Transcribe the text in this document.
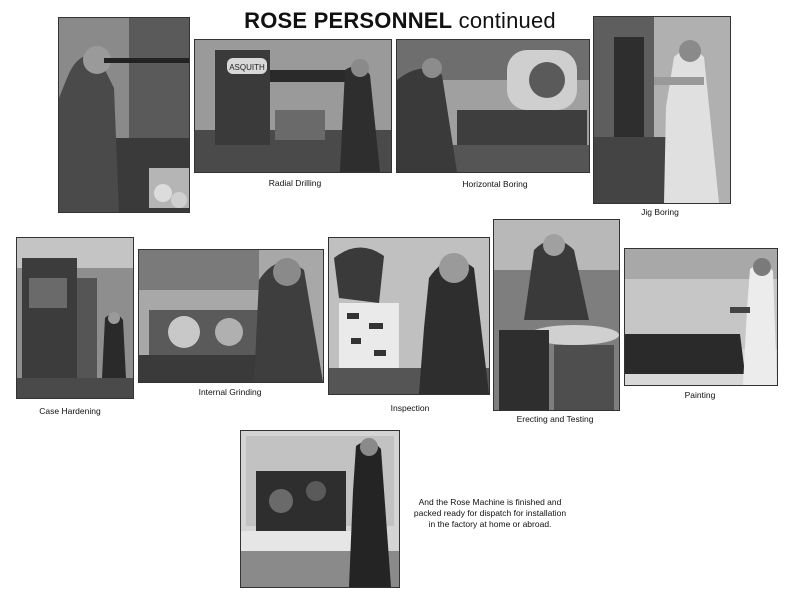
ROSE PERSONNEL continued
ASQUITH
Radial Drilling	Horizontal Boring
Jig Boring
Case Hardening
Internal Grinding
Inspection
Erecting and Testing
Painting
And the Rose Machine is finished and
packed ready for dispatch for installation
in the factory at home or abroad.
